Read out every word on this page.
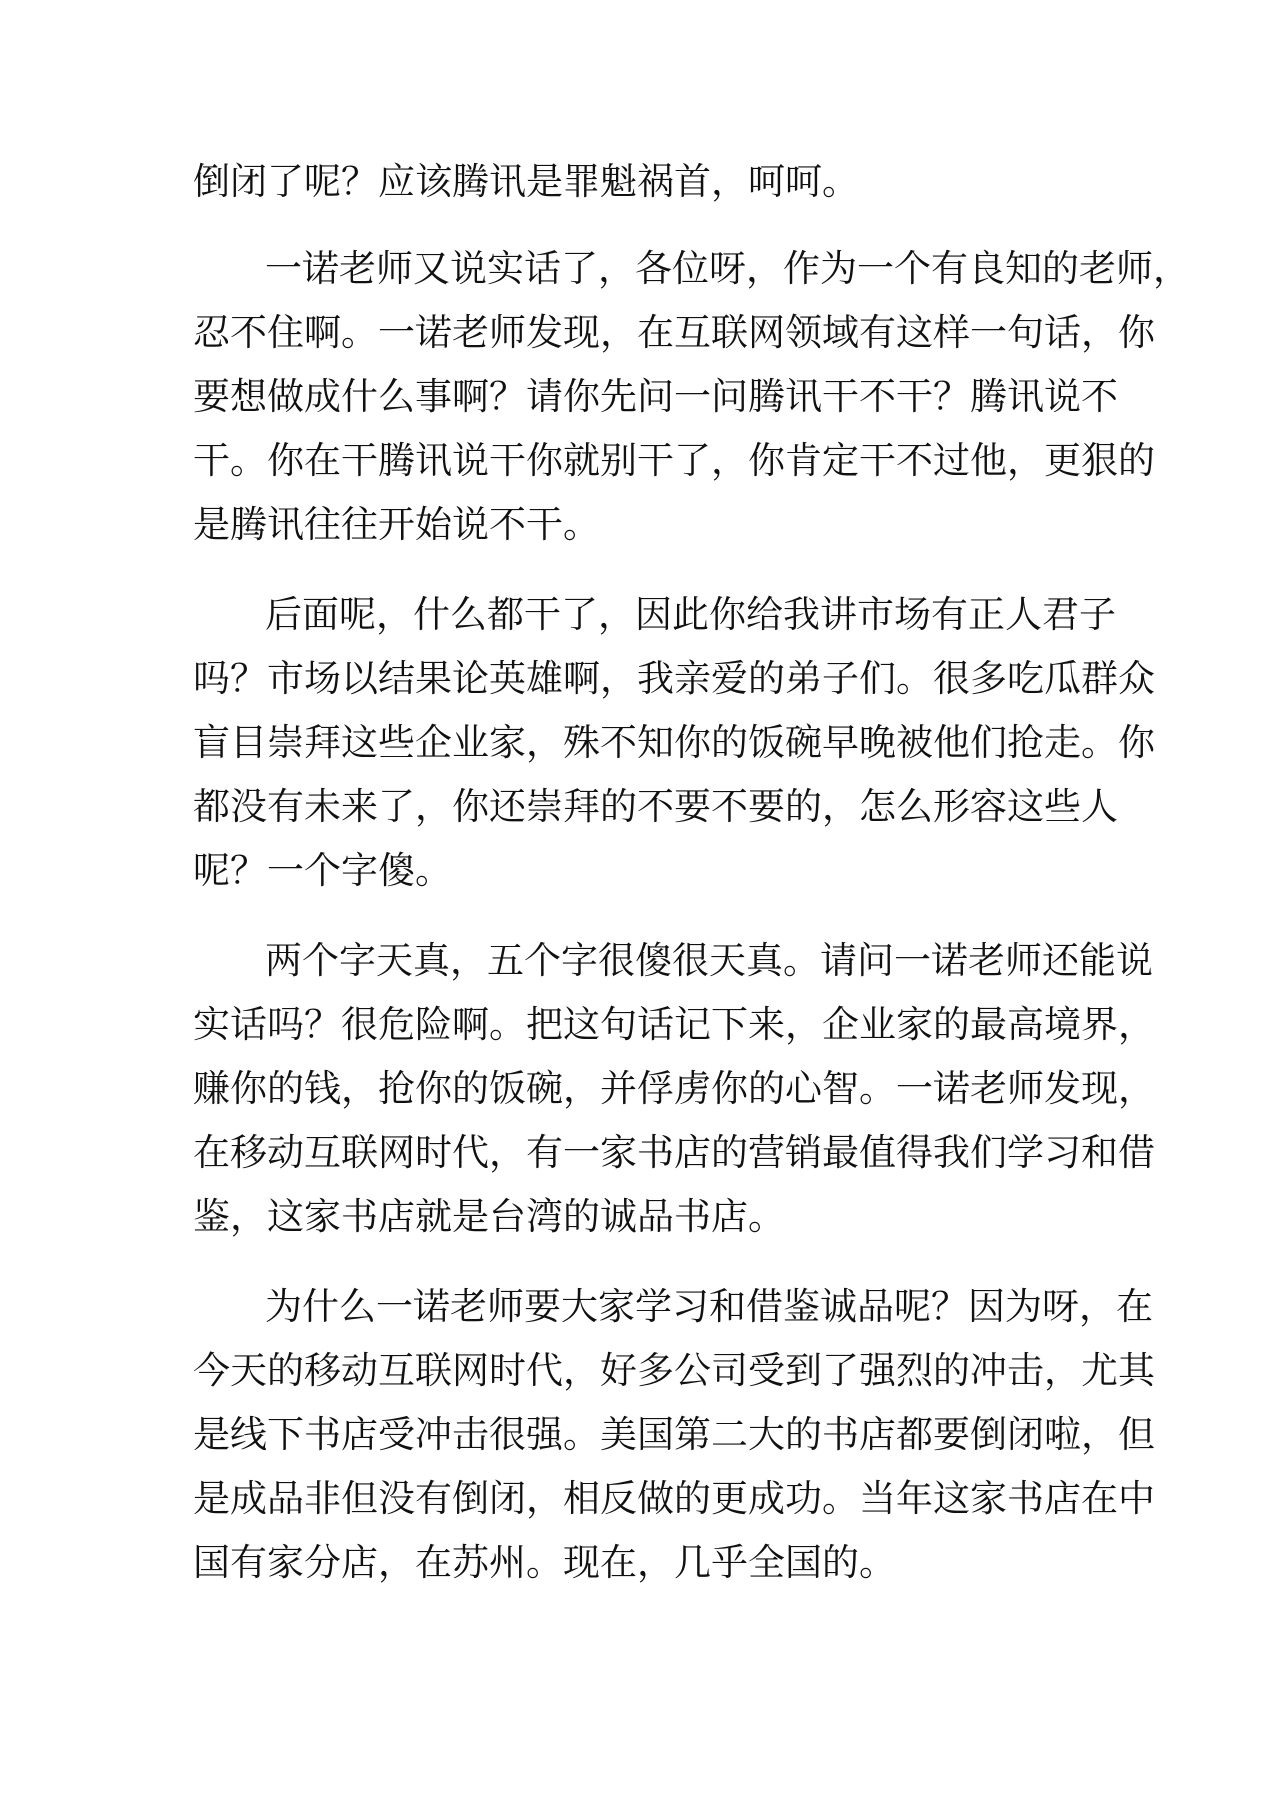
倒闭了呢？应该腾讯是罪魁祸首，呵呵。
一诺老师又说实话了，各位呀，作为一个有良知的老师，
忍不住啊。一诺老师发现，在互联网领域有这样一句话，你
要想做成什么事啊？请你先问一问腾讯干不干？腾讯说不
干。你在干腾讯说干你就别干了，你肯定干不过他，更狠的
是腾讯往往开始说不干。
后面呢，什么都干了，因此你给我讲市场有正人君子
吗？市场以结果论英雄啊，我亲爱的弟子们。很多吃瓜群众
盲目崇拜这些企业家，殊不知你的饭碗早晚被他们抢走。你
都没有未来了，你还崇拜的不要不要的，怎么形容这些人
呢？一个字傻。
两个字天真，五个字很傻很天真。请问一诺老师还能说
实话吗？很危险啊。把这句话记下来，企业家的最高境界，
赚你的钱，抢你的饭碗，并俘虏你的心智。一诺老师发现，
在移动互联网时代，有一家书店的营销最值得我们学习和借
鉴，这家书店就是台湾的诚品书店。
为什么一诺老师要大家学习和借鉴诚品呢？因为呀，在
今天的移动互联网时代，好多公司受到了强烈的冲击，尤其
是线下书店受冲击很强。美国第二大的书店都要倒闭啦，但
是成品非但没有倒闭，相反做的更成功。当年这家书店在中
国有家分店，在苏州。现在，几乎全国的。
